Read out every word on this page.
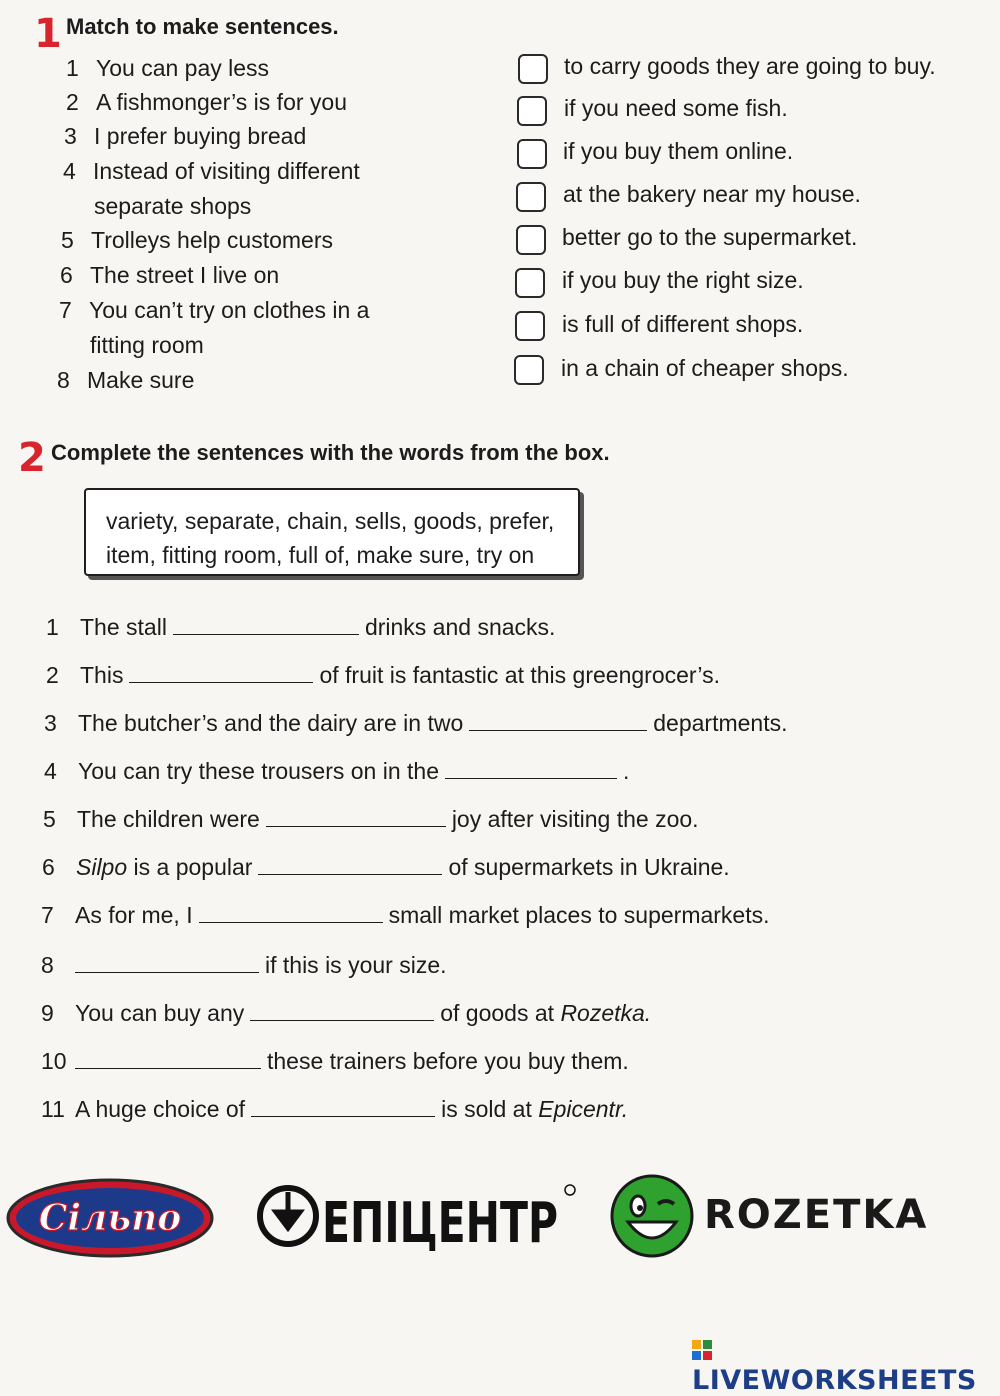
1 Match to make sentences.
1 You can pay less
2 A fishmonger’s is for you
3 I prefer buying bread
4 Instead of visiting different
separate shops
5 Trolleys help customers
6 The street I live on
7 You can’t try on clothes in a
fitting room
8 Make sure
to carry goods they are going to buy.
if you need some fish.
if you buy them online.
at the bakery near my house.
better go to the supermarket.
if you buy the right size.
is full of different shops.
in a chain of cheaper shops.
2 Complete the sentences with the words from the box.
variety, separate, chain, sells, goods, prefer,
item, fitting room, full of, make sure, try on
1 The stall	drinks and snacks.
2 This	of fruit is fantastic at this greengrocer’s.
3 The butcher’s and the dairy are in two	departments.
4 You can try these trousers on in the	.
5 The children were	joy after visiting the zoo.
6 Silpo is a popular	of supermarkets in Ukraine.
7 As for me, I	small market places to supermarkets.
8	if this is your size.
9 You can buy any	of goods at Rozetka.
10	these trainers before you buy them.
11 A huge choice of	is sold at Epicentr.
Сільпо	ЕПІЦЕНТР	ROZETKA
LIVEWORKSHEETS
